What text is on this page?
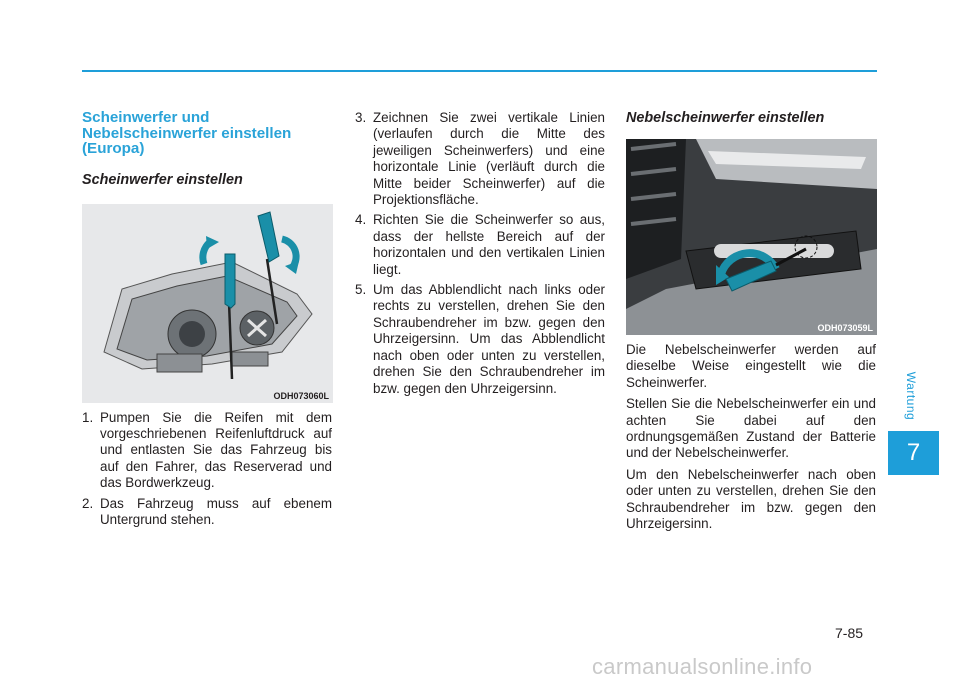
Scheinwerfer und Nebelscheinwerfer einstellen (Europa)
Scheinwerfer einstellen
ODH073060L
1. Pumpen Sie die Reifen mit dem vorgeschriebenen Reifenluftdruck auf und entlasten Sie das Fahrzeug bis auf den Fahrer, das Reserverad und das Bordwerkzeug.
2. Das Fahrzeug muss auf ebenem Untergrund stehen.
3. Zeichnen Sie zwei vertikale Linien (verlaufen durch die Mitte des jeweiligen Scheinwerfers) und eine horizontale Linie (verläuft durch die Mitte beider Scheinwerfer) auf die Projektionsfläche.
4. Richten Sie die Scheinwerfer so aus, dass der hellste Bereich auf der horizontalen und den vertikalen Linien liegt.
5. Um das Abblendlicht nach links oder rechts zu verstellen, drehen Sie den Schraubendreher im bzw. gegen den Uhrzeigersinn. Um das Abblendlicht nach oben oder unten zu verstellen, drehen Sie den Schraubendreher im bzw. gegen den Uhrzeigersinn.
Nebelscheinwerfer einstellen
ODH073059L

Die Nebelscheinwerfer werden auf dieselbe Weise eingestellt wie die Scheinwerfer.

Stellen Sie die Nebelscheinwerfer ein und achten Sie dabei auf den ordnungsgemäßen Zustand der Batterie und der Nebelscheinwerfer.

Um den Nebelscheinwerfer nach oben oder unten zu verstellen, drehen Sie den Schraubendreher im bzw. gegen den Uhrzeigersinn.

Wartung
7
7-85
carmanualsonline.info
